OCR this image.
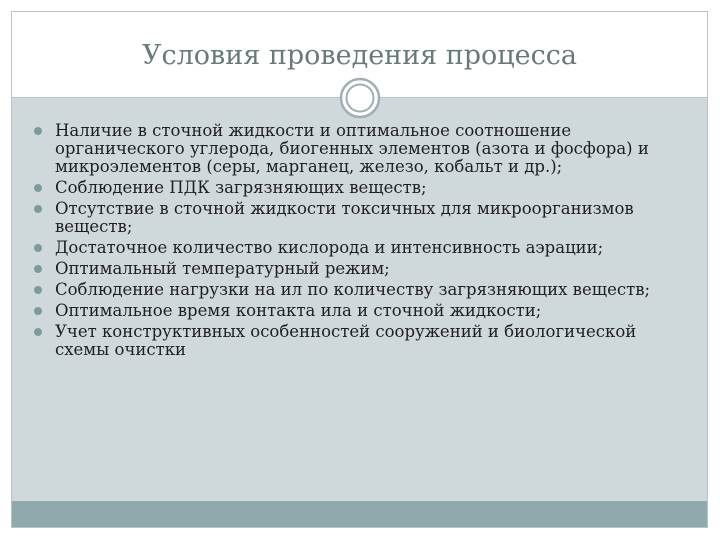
Условия проведения процесса
Наличие в сточной жидкости и оптимальное соотношение органического углерода, биогенных элементов (азота и фосфора) и микроэлементов (серы, марганец, железо, кобальт и др.);
Соблюдение ПДК загрязняющих веществ;
Отсутствие в сточной жидкости токсичных для микроорганизмов веществ;
Достаточное количество кислорода и интенсивность аэрации;
Оптимальный температурный режим;
Соблюдение нагрузки на ил по количеству загрязняющих веществ;
Оптимальное время контакта ила и сточной жидкости;
Учет конструктивных особенностей сооружений и биологической схемы очистки
